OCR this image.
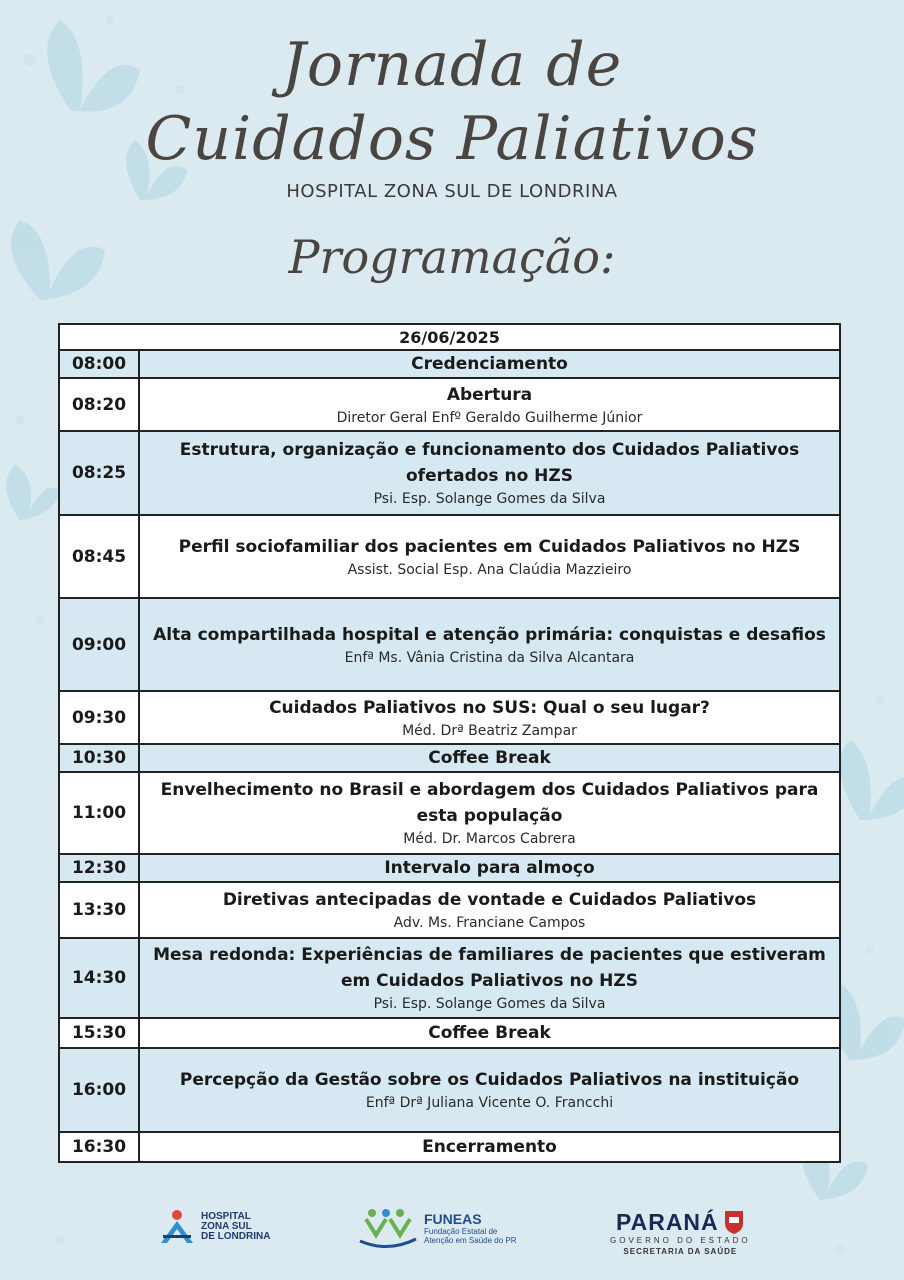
Jornada de
Cuidados Paliativos
HOSPITAL ZONA SUL DE LONDRINA
Programação:
26/06/2025	
08:00	Credenciamento

08:20	Abertura
Diretor Geral Enfº Geraldo Guilherme Júnior

08:25	Estrutura, organização e funcionamento dos Cuidados Paliativos ofertados no HZS
Psi. Esp. Solange Gomes da Silva

08:45	Perfil sociofamiliar dos pacientes em Cuidados Paliativos no HZS
Assist. Social Esp. Ana Claúdia Mazzieiro

09:00	Alta compartilhada hospital e atenção primária: conquistas e desafios
Enfª Ms. Vânia Cristina da Silva Alcantara

09:30	Cuidados Paliativos no SUS: Qual o seu lugar?
Méd. Drª Beatriz Zampar

10:30	Coffee Break

11:00	Envelhecimento no Brasil e abordagem dos Cuidados Paliativos para esta população
Méd. Dr. Marcos Cabrera

12:30	Intervalo para almoço

13:30	Diretivas antecipadas de vontade e Cuidados Paliativos
Adv. Ms. Franciane Campos

14:30	Mesa redonda: Experiências de familiares de pacientes que estiveram em Cuidados Paliativos no HZS
Psi. Esp. Solange Gomes da Silva

15:30	Coffee Break

16:00	Percepção da Gestão sobre os Cuidados Paliativos na instituição
Enfª Drª Juliana Vicente O. Francchi

16:30	Encerramento
HOSPITAL
ZONA SUL
DE LONDRINA
FUNEAS
Fundação Estatal de
Atenção em Saúde do PR
PARANÁ
GOVERNO DO ESTADO
SECRETARIA DA SAÚDE
